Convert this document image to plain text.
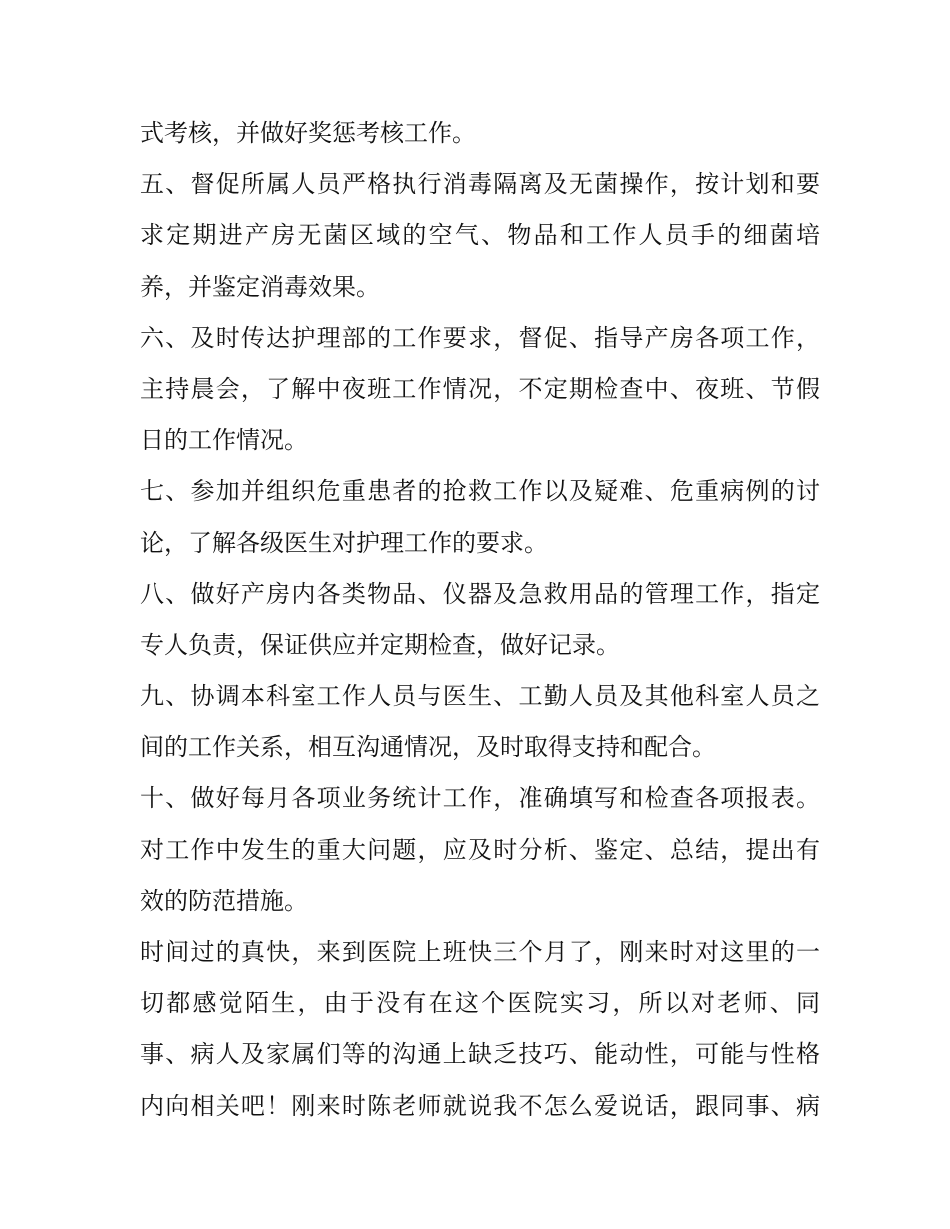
式考核，并做好奖惩考核工作。
五、督促所属人员严格执行消毒隔离及无菌操作，按计划和要
求定期进产房无菌区域的空气、物品和工作人员手的细菌培
养，并鉴定消毒效果。
六、及时传达护理部的工作要求，督促、指导产房各项工作，
主持晨会，了解中夜班工作情况，不定期检查中、夜班、节假
日的工作情况。
七、参加并组织危重患者的抢救工作以及疑难、危重病例的讨
论，了解各级医生对护理工作的要求。
八、做好产房内各类物品、仪器及急救用品的管理工作，指定
专人负责，保证供应并定期检查，做好记录。
九、协调本科室工作人员与医生、工勤人员及其他科室人员之
间的工作关系，相互沟通情况，及时取得支持和配合。
十、做好每月各项业务统计工作，准确填写和检查各项报表。
对工作中发生的重大问题，应及时分析、鉴定、总结，提出有
效的防范措施。
时间过的真快，来到医院上班快三个月了，刚来时对这里的一
切都感觉陌生，由于没有在这个医院实习，所以对老师、同
事、病人及家属们等的沟通上缺乏技巧、能动性，可能与性格
内向相关吧！刚来时陈老师就说我不怎么爱说话，跟同事、病
